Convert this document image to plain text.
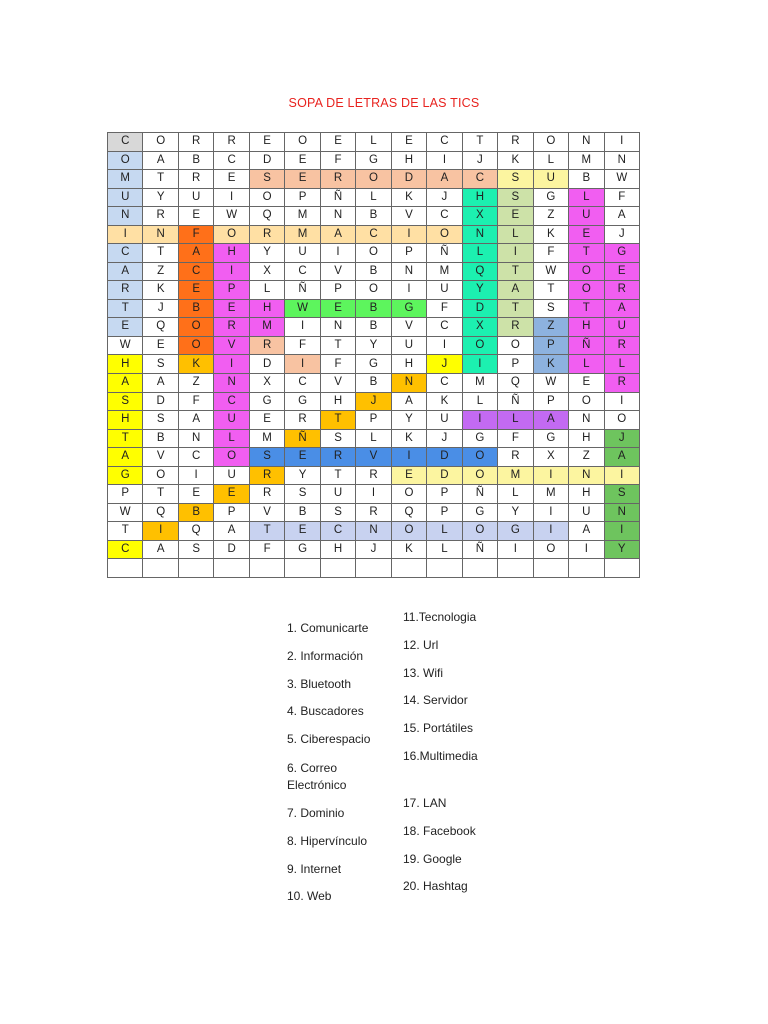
SOPA DE LETRAS DE LAS TICS
C	O	R	R	E	O	E	L	E	C	T	R	O	N	I
O	A	B	C	D	E	F	G	H	I	J	K	L	M	N
M	T	R	E	S	E	R	O	D	A	C	S	U	B	W
U	Y	U	I	O	P	Ñ	L	K	J	H	S	G	L	F
N	R	E	W	Q	M	N	B	V	C	X	E	Z	U	A
I	N	F	O	R	M	A	C	I	O	N	L	K	E	J
C	T	A	H	Y	U	I	O	P	Ñ	L	I	F	T	G
A	Z	C	I	X	C	V	B	N	M	Q	T	W	O	E
R	K	E	P	L	Ñ	P	O	I	U	Y	A	T	O	R
T	J	B	E	H	W	E	B	G	F	D	T	S	T	A
E	Q	O	R	M	I	N	B	V	C	X	R	Z	H	U
W	E	O	V	R	F	T	Y	U	I	O	O	P	Ñ	R
H	S	K	I	D	I	F	G	H	J	I	P	K	L	L
A	A	Z	N	X	C	V	B	N	C	M	Q	W	E	R
S	D	F	C	G	G	H	J	A	K	L	Ñ	P	O	I
H	S	A	U	E	R	T	P	Y	U	I	L	A	N	O
T	B	N	L	M	Ñ	S	L	K	J	G	F	G	H	J
A	V	C	O	S	E	R	V	I	D	O	R	X	Z	A
G	O	I	U	R	Y	T	R	E	D	O	M	I	N	I
P	T	E	E	R	S	U	I	O	P	Ñ	L	M	H	S
W	Q	B	P	V	B	S	R	Q	P	G	Y	I	U	N
T	I	Q	A	T	E	C	N	O	L	O	G	I	A	I
C	A	S	D	F	G	H	J	K	L	Ñ	I	O	I	Y
1. Comunicarte
2. Información
3. Bluetooth
4. Buscadores
5. Ciberespacio
6. Correo Electrónico
7. Dominio
8. Hipervínculo
9. Internet
10. Web
11.Tecnologia
12. Url
13. Wifi
14. Servidor
15. Portátiles
16.Multimedia
17. LAN
18. Facebook
19. Google
20. Hashtag
